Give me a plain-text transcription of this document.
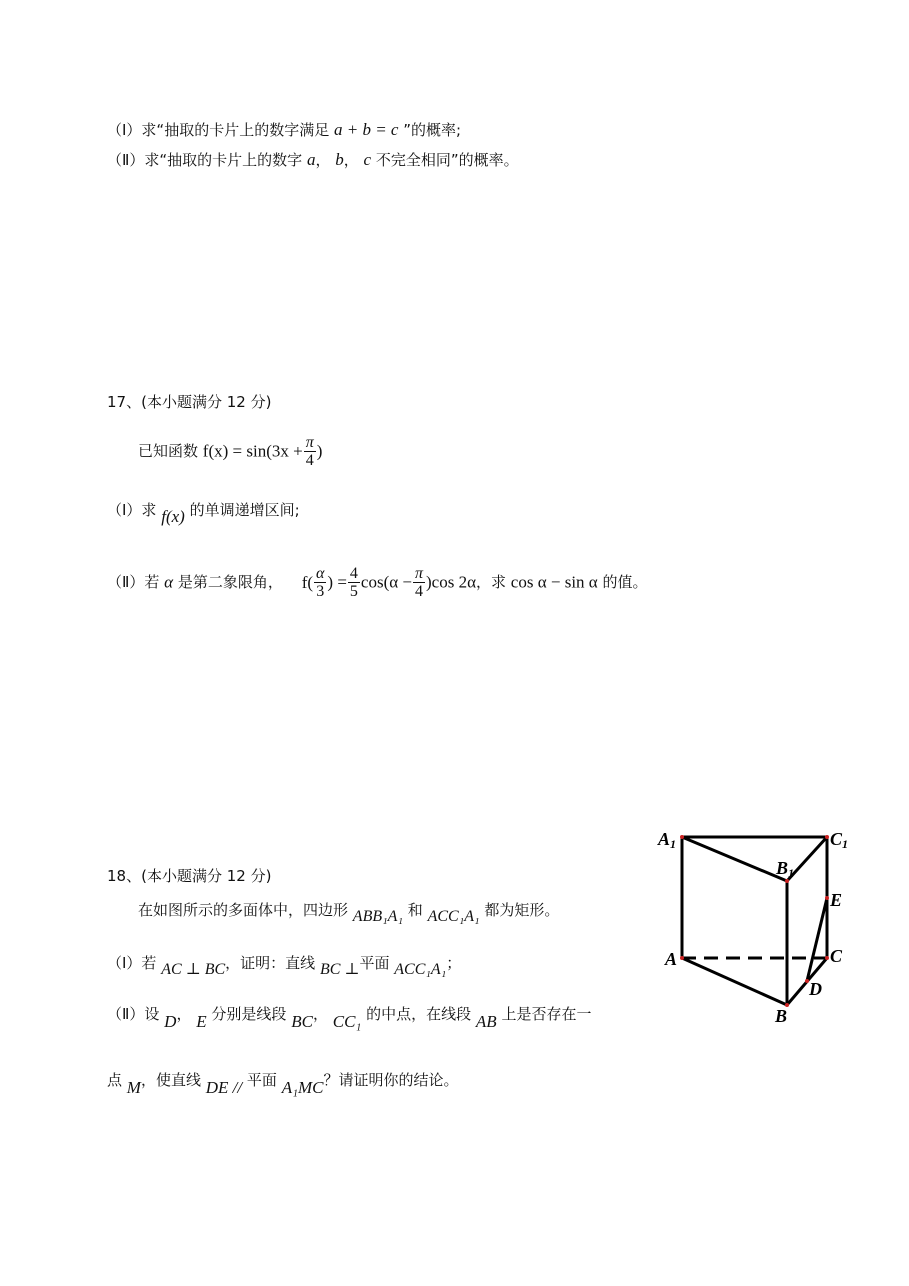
（Ⅰ）求“抽取的卡片上的数字满足 a + b = c ”的概率;
（Ⅱ）求“抽取的卡片上的数字 a， b， c 不完全相同”的概率。
17、(本小题满分 12 分)
已知函数 $f(x) = \sin(3x + \frac{\pi}{4}$ )
（Ⅰ）求 f(x) 的单调递增区间;
（Ⅱ）若 α 是第二象限角， $f( \frac{\alpha}{3}$ ) = $\frac{4}{5} \cos(\alpha - \frac{\pi}{4} )\cos$ 2α，求 cos α − sin α 的值。
18、(本小题满分 12 分)
在如图所示的多面体中，四边形 ABB₁A₁ 和 ACC₁A₁ 都为矩形。
（Ⅰ）若 AC ⊥ BC，证明：直线 BC ⊥平面 ACC₁A₁；
（Ⅱ）设 D， E 分别是线段 BC， CC₁ 的中点，在线段 AB 上是否存在一
点 M，使直线 DE // 平面 A₁MC？请证明你的结论。
A1	C1
B1
E
A	C
D
B
